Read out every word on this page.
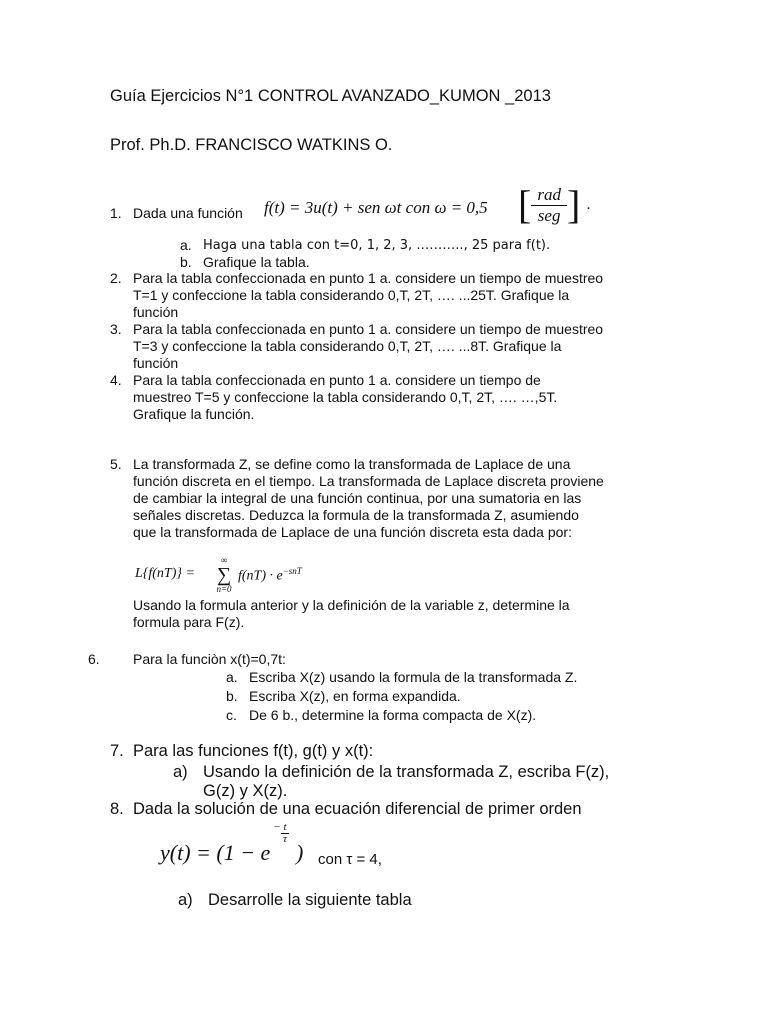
Guía Ejercicios N°1 CONTROL AVANZADO_KUMON _2013
Prof. Ph.D. FRANCISCO WATKINS O.
1. Dada una función f(t) = 3u(t) + sen ωt con ω = 0,5 [ $\frac{\text{rad}}{\text{seg}}$ ] .
a. Haga una tabla con t=0, 1, 2, 3, ……….., 25 para f(t).
b. Grafique la tabla.
2. Para la tabla confeccionada en punto 1 a. considere un tiempo de muestreo
T=1 y confeccione la tabla considerando 0,T, 2T, …. ...25T. Grafique la
función
3. Para la tabla confeccionada en punto 1 a. considere un tiempo de muestreo
T=3 y confeccione la tabla considerando 0,T, 2T, …. ...8T. Grafique la
función
4. Para la tabla confeccionada en punto 1 a. considere un tiempo de
muestreo T=5 y confeccione la tabla considerando 0,T, 2T, …. …,5T.
Grafique la función.
5. La transformada Z, se define como la transformada de Laplace de una
función discreta en el tiempo. La transformada de Laplace discreta proviene
de cambiar la integral de una función continua, por una sumatoria en las
señales discretas. Deduzca la formula de la transformada Z, asumiendo
que la transformada de Laplace de una función discreta esta dada por:
L{f(nT)} =
∞
∑
n=0
$f(nT) \cdot e^{-snT}$
Usando la formula anterior y la definición de la variable z, determine la
formula para F(z).
6. Para la funciòn x(t)=0,7t:
a. Escriba X(z) usando la formula de la transformada Z.
b. Escriba X(z), en forma expandida.
c. De 6 b., determine la forma compacta de X(z).
7. Para las funciones f(t), g(t) y x(t):
a) Usando la definición de la transformada Z, escriba F(z),
G(z) y X(z).
8. Dada la solución de una ecuación diferencial de primer orden
y(t) = (1 − e
− $\frac{t}{\tau}$
) con τ = 4,
a) Desarrolle la siguiente tabla
